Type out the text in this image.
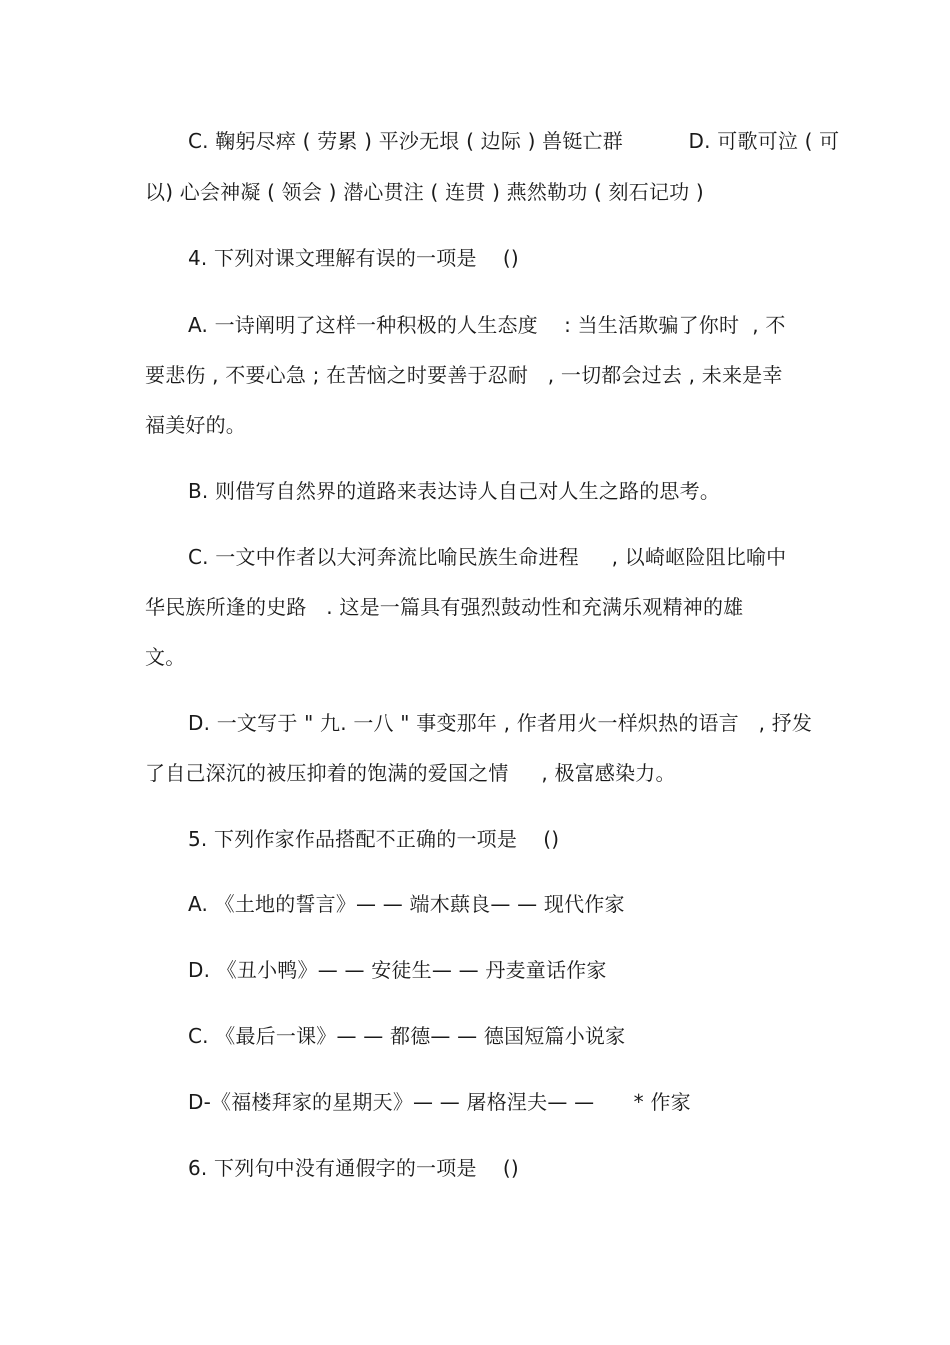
C. 鞠躬尽瘁 ( 劳累 ) 平沙无垠 ( 边际 ) 兽铤亡群          D. 可歌可泣 ( 可
以) 心会神凝 ( 领会 ) 潜心贯注 ( 连贯 ) 燕然勒功 ( 刻石记功 )
4. 下列对课文理解有误的一项是    ()
A. 一诗阐明了这样一种积极的人生态度    : 当生活欺骗了你时  , 不
要悲伤 , 不要心急 ; 在苦恼之时要善于忍耐   , 一切都会过去 , 未来是幸
福美好的。
B. 则借写自然界的道路来表达诗人自己对人生之路的思考。
C. 一文中作者以大河奔流比喻民族生命进程     , 以崎岖险阻比喻中
华民族所逢的史路   . 这是一篇具有强烈鼓动性和充满乐观精神的雄
文。
D. 一文写于 " 九. 一八 " 事变那年 , 作者用火一样炽热的语言   , 抒发
了自己深沉的被压抑着的饱满的爱国之情     , 极富感染力。
5. 下列作家作品搭配不正确的一项是    ()
A. 《土地的誓言》— — 端木蕻良— — 现代作家
D. 《丑小鸭》— — 安徒生— — 丹麦童话作家
C. 《最后一课》— — 都德— — 德国短篇小说家
D-《福楼拜家的星期天》— — 屠格涅夫— —      * 作家
6. 下列句中没有通假字的一项是    ()
